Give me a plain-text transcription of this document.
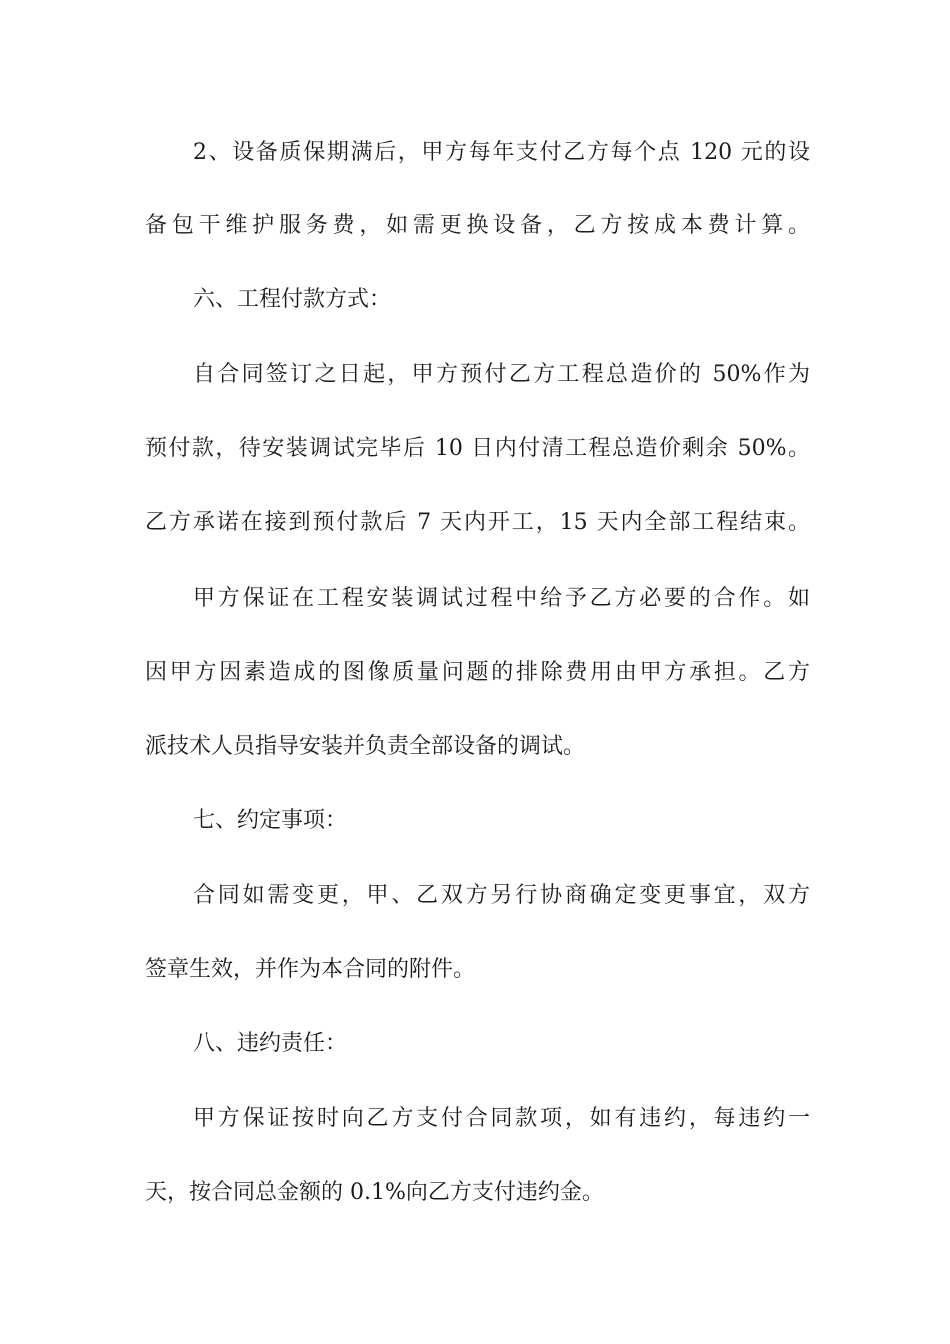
2、设备质保期满后，甲方每年支付乙方每个点 120 元的设
备包干维护服务费，如需更换设备，乙方按成本费计算。
六、工程付款方式：
自合同签订之日起，甲方预付乙方工程总造价的 50%作为
预付款，待安装调试完毕后 10 日内付清工程总造价剩余 50%。
乙方承诺在接到预付款后 7 天内开工，15 天内全部工程结束。
甲方保证在工程安装调试过程中给予乙方必要的合作。如
因甲方因素造成的图像质量问题的排除费用由甲方承担。乙方
派技术人员指导安装并负责全部设备的调试。
七、约定事项：
合同如需变更，甲、乙双方另行协商确定变更事宜，双方
签章生效，并作为本合同的附件。
八、违约责任：
甲方保证按时向乙方支付合同款项，如有违约，每违约一
天，按合同总金额的 0.1%向乙方支付违约金。
